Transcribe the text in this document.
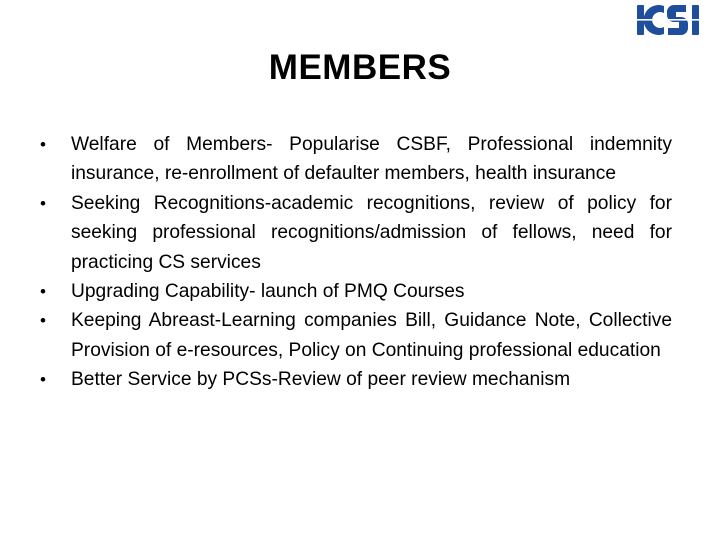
MEMBERS
•	Welfare of Members- Popularise CSBF, Professional indemnity insurance, re-enrollment of defaulter members, health insurance
•	Seeking Recognitions-academic recognitions, review of policy for seeking professional recognitions/admission of fellows, need for practicing CS services
•	Upgrading Capability- launch of PMQ Courses
•	Keeping Abreast-Learning companies Bill, Guidance Note, Collective Provision of e-resources, Policy on Continuing professional education
•	Better Service by PCSs-Review of peer review mechanism
